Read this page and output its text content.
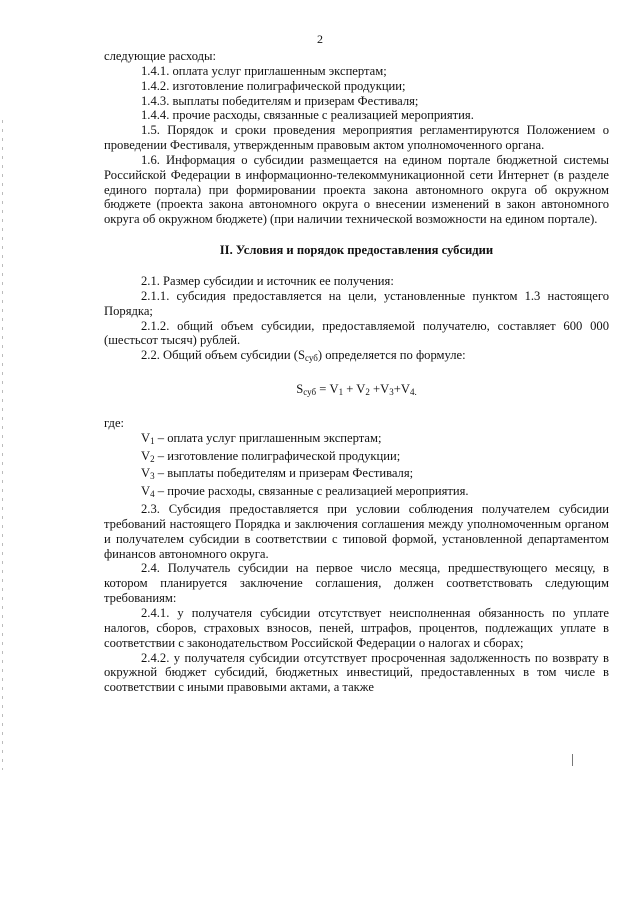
2

следующие расходы:

1.4.1. оплата услуг приглашенным экспертам;

1.4.2. изготовление полиграфической продукции;

1.4.3. выплаты победителям и призерам Фестиваля;

1.4.4. прочие расходы, связанные с реализацией мероприятия.

1.5. Порядок и сроки проведения мероприятия регламентируются Положением о проведении Фестиваля, утвержденным правовым актом уполномоченного органа.

1.6. Информация о субсидии размещается на едином портале бюджетной системы Российской Федерации в информационно-телекоммуникационной сети Интернет (в разделе единого портала) при формировании проекта закона автономного округа об окружном бюджете (проекта закона автономного округа о внесении изменений в закон автономного округа об окружном бюджете) (при наличии технической возможности на едином портале).

II. Условия и порядок предоставления субсидии

2.1. Размер субсидии и источник ее получения:

2.1.1. субсидия предоставляется на цели, установленные пунктом 1.3 настоящего Порядка;

2.1.2. общий объем субсидии, предоставляемой получателю, составляет 600 000 (шестьсот тысяч) рублей.

2.2. Общий объем субсидии $(S_{суб})$ определяется по формуле:

$S_{суб} = V_1 + V_2 +V_3+V_{4.}$

где:

$V_1$ – оплата услуг приглашенным экспертам;

$V_2$ – изготовление полиграфической продукции;

$V_3$ – выплаты победителям и призерам Фестиваля;

$V_4$ – прочие расходы, связанные с реализацией мероприятия.

2.3. Субсидия предоставляется при условии соблюдения получателем субсидии требований настоящего Порядка и заключения соглашения между уполномоченным органом и получателем субсидии в соответствии с типовой формой, установленной департаментом финансов автономного округа.

2.4. Получатель субсидии на первое число месяца, предшествующего месяцу, в котором планируется заключение соглашения, должен соответствовать следующим требованиям:

2.4.1. у получателя субсидии отсутствует неисполненная обязанность по уплате налогов, сборов, страховых взносов, пеней, штрафов, процентов, подлежащих уплате в соответствии с законодательством Российской Федерации о налогах и сборах;

2.4.2. у получателя субсидии отсутствует просроченная задолженность по возврату в окружной бюджет субсидий, бюджетных инвестиций, предоставленных в том числе в соответствии с иными правовыми актами, а также
